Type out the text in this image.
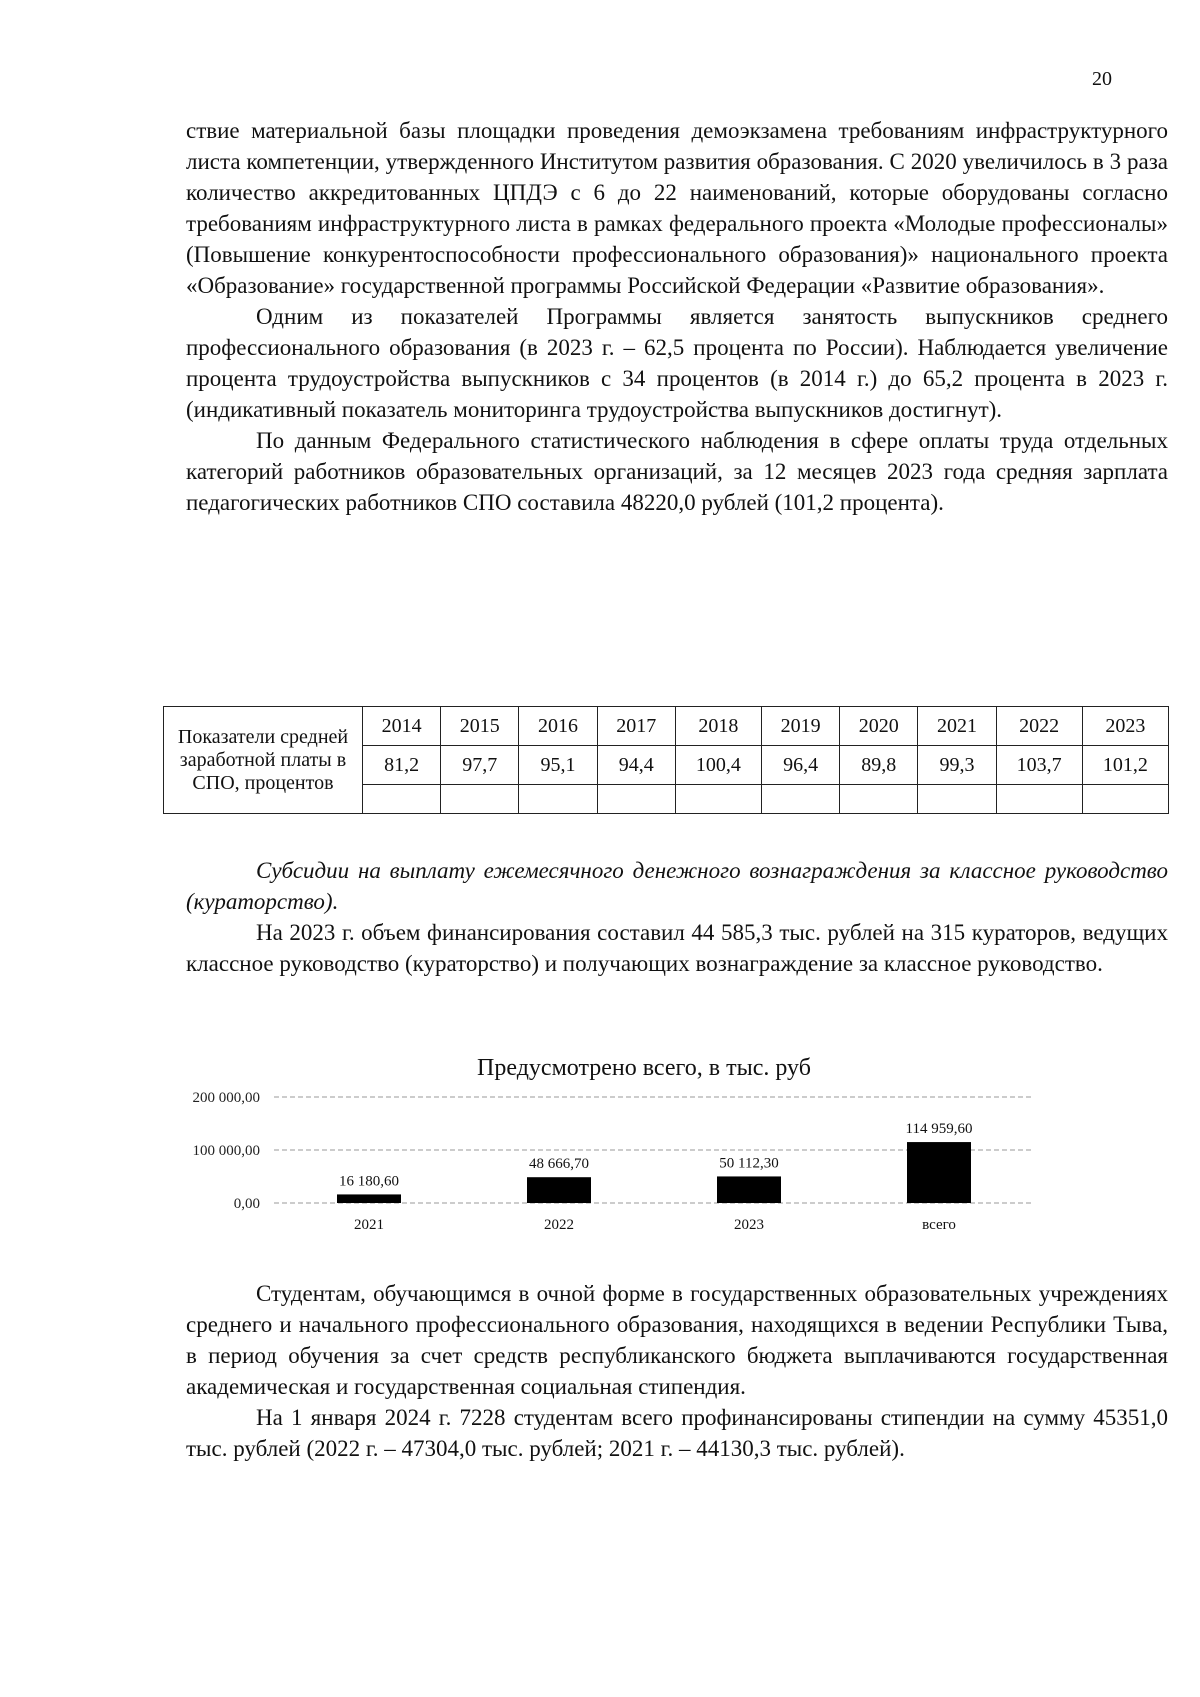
20

ствие материальной базы площадки проведения демоэкзамена требованиям инфраструктурного листа компетенции, утвержденного Институтом развития образования. С 2020 увеличилось в 3 раза количество аккредитованных ЦПДЭ с 6 до 22 наименований, которые оборудованы согласно требованиям инфраструктурного листа в рамках федерального проекта «Молодые профессионалы» (Повышение конкурентоспособности профессионального образования)» национального проекта «Образование» государственной программы Российской Федерации «Развитие образования».

Одним из показателей Программы является занятость выпускников среднего профессионального образования (в 2023 г. – 62,5 процента по России). Наблюдается увеличение процента трудоустройства выпускников с 34 процентов (в 2014 г.) до 65,2 процента в 2023 г. (индикативный показатель мониторинга трудоустройства выпускников достигнут).

По данным Федерального статистического наблюдения в сфере оплаты труда отдельных категорий работников образовательных организаций, за 12 месяцев 2023 года средняя зарплата педагогических работников СПО составила 48220,0 рублей (101,2 процента).

Показатели средней заработной платы в СПО, процентов	2014	2015	2016	2017	2018	2019	2020	2021	2022	2023
	81,2	97,7	95,1	94,4	100,4	96,4	89,8	99,3	103,7	101,2

Субсидии на выплату ежемесячного денежного вознаграждения за классное руководство (кураторство).

На 2023 г. объем финансирования составил 44 585,3 тыс. рублей на 315 кураторов, ведущих классное руководство (кураторство) и получающих вознаграждение за классное руководство.

Предусмотрено всего, в тыс. руб
0,00
100 000,00
200 000,00
16 180,60
2021
48 666,70
2022
50 112,30
2023
114 959,60
всего

Студентам, обучающимся в очной форме в государственных образовательных учреждениях среднего и начального профессионального образования, находящихся в ведении Республики Тыва, в период обучения за счет средств республиканского бюджета выплачиваются государственная академическая и государственная социальная стипендия.

На 1 января 2024 г. 7228 студентам всего профинансированы стипендии на сумму 45351,0 тыс. рублей (2022 г. – 47304,0 тыс. рублей; 2021 г. – 44130,3 тыс. рублей).
